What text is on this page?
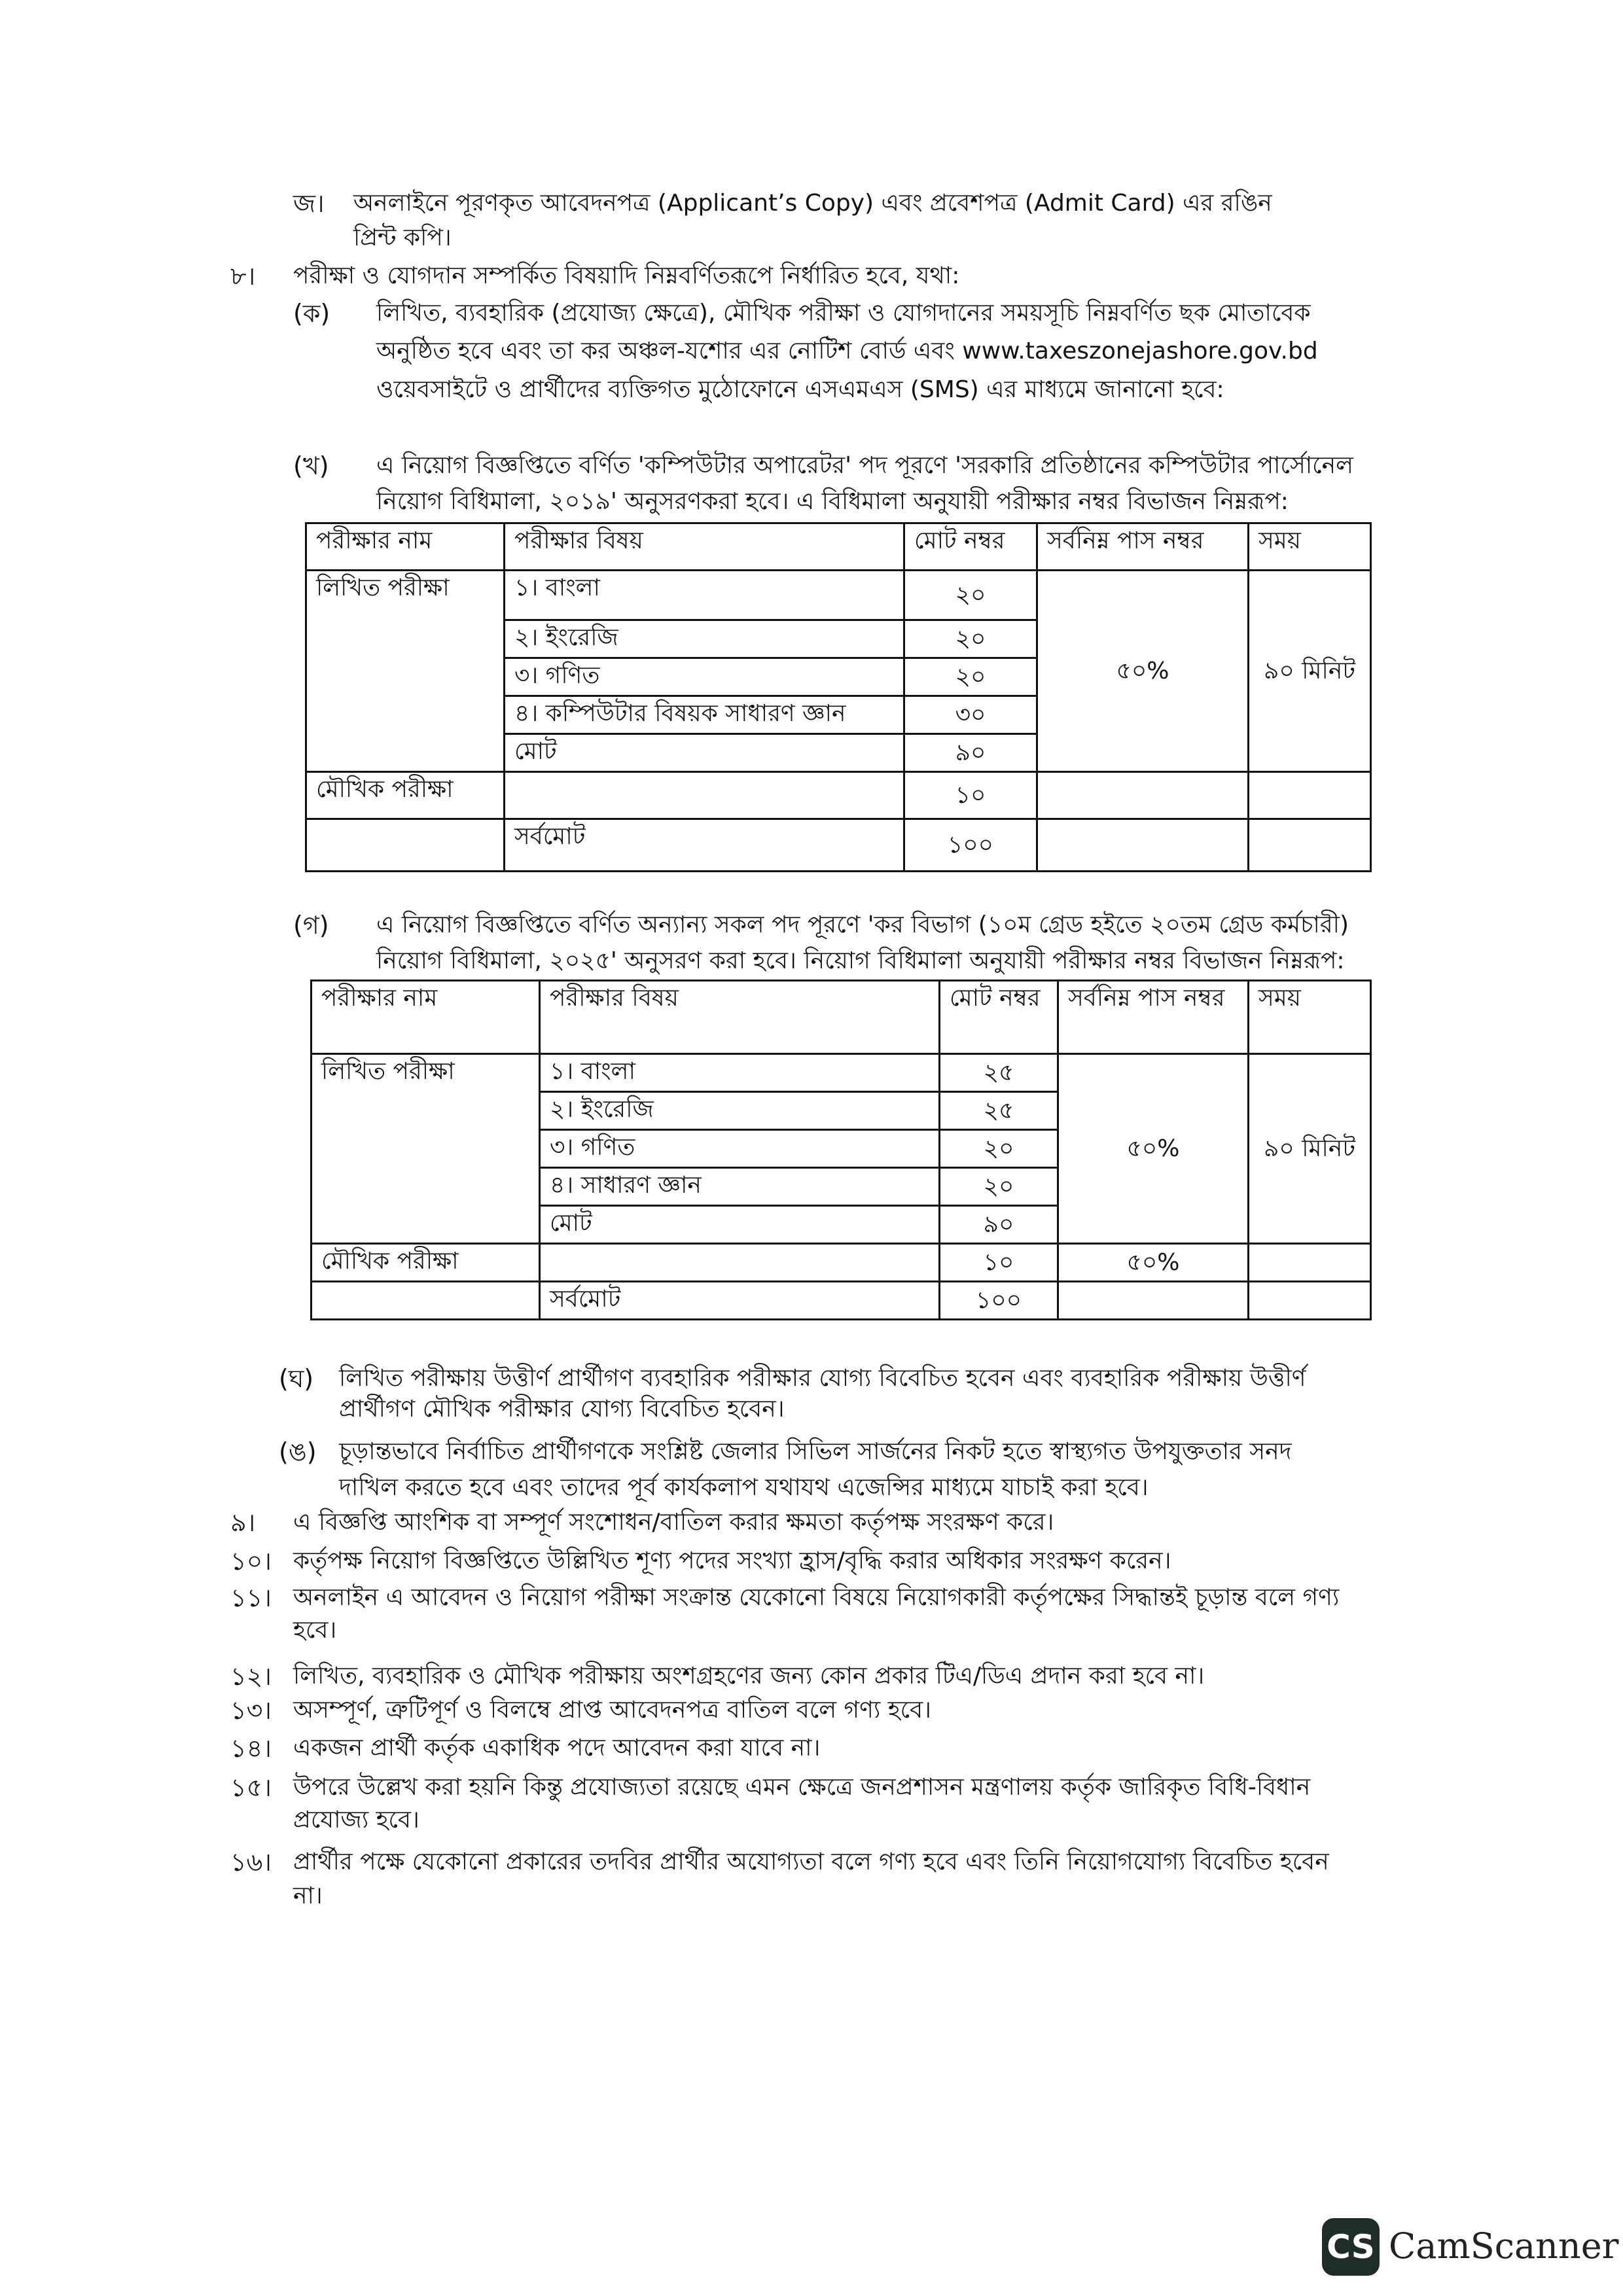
জ। অনলাইনে পূরণকৃত আবেদনপত্র (Applicant’s Copy) এবং প্রবেশপত্র (Admit Card) এর রঙিন
প্রিন্ট কপি।
৮। পরীক্ষা ও যোগদান সম্পর্কিত বিষয়াদি নিম্নবর্ণিতরূপে নির্ধারিত হবে, যথা:
(ক) লিখিত, ব্যবহারিক (প্রযোজ্য ক্ষেত্রে), মৌখিক পরীক্ষা ও যোগদানের সময়সূচি নিম্নবর্ণিত ছক মোতাবেক
অনুষ্ঠিত হবে এবং তা কর অঞ্চল-যশোর এর নোটিশ বোর্ড এবং www.taxeszonejashore.gov.bd
ওয়েবসাইটে ও প্রার্থীদের ব্যক্তিগত মুঠোফোনে এসএমএস (SMS) এর মাধ্যমে জানানো হবে:
(খ) এ নিয়োগ বিজ্ঞপ্তিতে বর্ণিত 'কম্পিউটার অপারেটর' পদ পূরণে 'সরকারি প্রতিষ্ঠানের কম্পিউটার পার্সোনেল
নিয়োগ বিধিমালা, ২০১৯' অনুসরণকরা হবে। এ বিধিমালা অনুযায়ী পরীক্ষার নম্বর বিভাজন নিম্নরূপ:
পরীক্ষার নাম	পরীক্ষার বিষয়	মোট নম্বর	সর্বনিম্ন পাস নম্বর	সময়
লিখিত পরীক্ষা	১। বাংলা	২০	৫০%	৯০ মিনিট
	২। ইংরেজি	২০		
	৩। গণিত	২০		
	৪। কম্পিউটার বিষয়ক সাধারণ জ্ঞান	৩০		
	মোট	৯০		
মৌখিক পরীক্ষা		১০		
	সর্বমোট	১০০		
(গ) এ নিয়োগ বিজ্ঞপ্তিতে বর্ণিত অন্যান্য সকল পদ পূরণে 'কর বিভাগ (১০ম গ্রেড হইতে ২০তম গ্রেড কর্মচারী)
নিয়োগ বিধিমালা, ২০২৫' অনুসরণ করা হবে। নিয়োগ বিধিমালা অনুযায়ী পরীক্ষার নম্বর বিভাজন নিম্নরূপ:
পরীক্ষার নাম	পরীক্ষার বিষয়	মোট নম্বর	সর্বনিম্ন পাস নম্বর	সময়
লিখিত পরীক্ষা	১। বাংলা	২৫	৫০%	৯০ মিনিট
	২। ইংরেজি	২৫		
	৩। গণিত	২০		
	৪। সাধারণ জ্ঞান	২০		
	মোট	৯০		
মৌখিক পরীক্ষা		১০	৫০%	
	সর্বমোট	১০০		
(ঘ) লিখিত পরীক্ষায় উত্তীর্ণ প্রার্থীগণ ব্যবহারিক পরীক্ষার যোগ্য বিবেচিত হবেন এবং ব্যবহারিক পরীক্ষায় উত্তীর্ণ
প্রার্থীগণ মৌখিক পরীক্ষার যোগ্য বিবেচিত হবেন।
(ঙ) চূড়ান্তভাবে নির্বাচিত প্রার্থীগণকে সংশ্লিষ্ট জেলার সিভিল সার্জনের নিকট হতে স্বাস্থ্যগত উপযুক্ততার সনদ
দাখিল করতে হবে এবং তাদের পূর্ব কার্যকলাপ যথাযথ এজেন্সির মাধ্যমে যাচাই করা হবে।
৯। এ বিজ্ঞপ্তি আংশিক বা সম্পূর্ণ সংশোধন/বাতিল করার ক্ষমতা কর্তৃপক্ষ সংরক্ষণ করে।
১০। কর্তৃপক্ষ নিয়োগ বিজ্ঞপ্তিতে উল্লিখিত শূণ্য পদের সংখ্যা হ্রাস/বৃদ্ধি করার অধিকার সংরক্ষণ করেন।
১১। অনলাইন এ আবেদন ও নিয়োগ পরীক্ষা সংক্রান্ত যেকোনো বিষয়ে নিয়োগকারী কর্তৃপক্ষের সিদ্ধান্তই চূড়ান্ত বলে গণ্য
হবে।
১২। লিখিত, ব্যবহারিক ও মৌখিক পরীক্ষায় অংশগ্রহণের জন্য কোন প্রকার টিএ/ডিএ প্রদান করা হবে না।
১৩। অসম্পূর্ণ, ত্রুটিপূর্ণ ও বিলম্বে প্রাপ্ত আবেদনপত্র বাতিল বলে গণ্য হবে।
১৪। একজন প্রার্থী কর্তৃক একাধিক পদে আবেদন করা যাবে না।
১৫। উপরে উল্লেখ করা হয়নি কিন্তু প্রযোজ্যতা রয়েছে এমন ক্ষেত্রে জনপ্রশাসন মন্ত্রণালয় কর্তৃক জারিকৃত বিধি-বিধান
প্রযোজ্য হবে।
১৬। প্রার্থীর পক্ষে যেকোনো প্রকারের তদবির প্রার্থীর অযোগ্যতা বলে গণ্য হবে এবং তিনি নিয়োগযোগ্য বিবেচিত হবেন
না।
CS CamScanner
